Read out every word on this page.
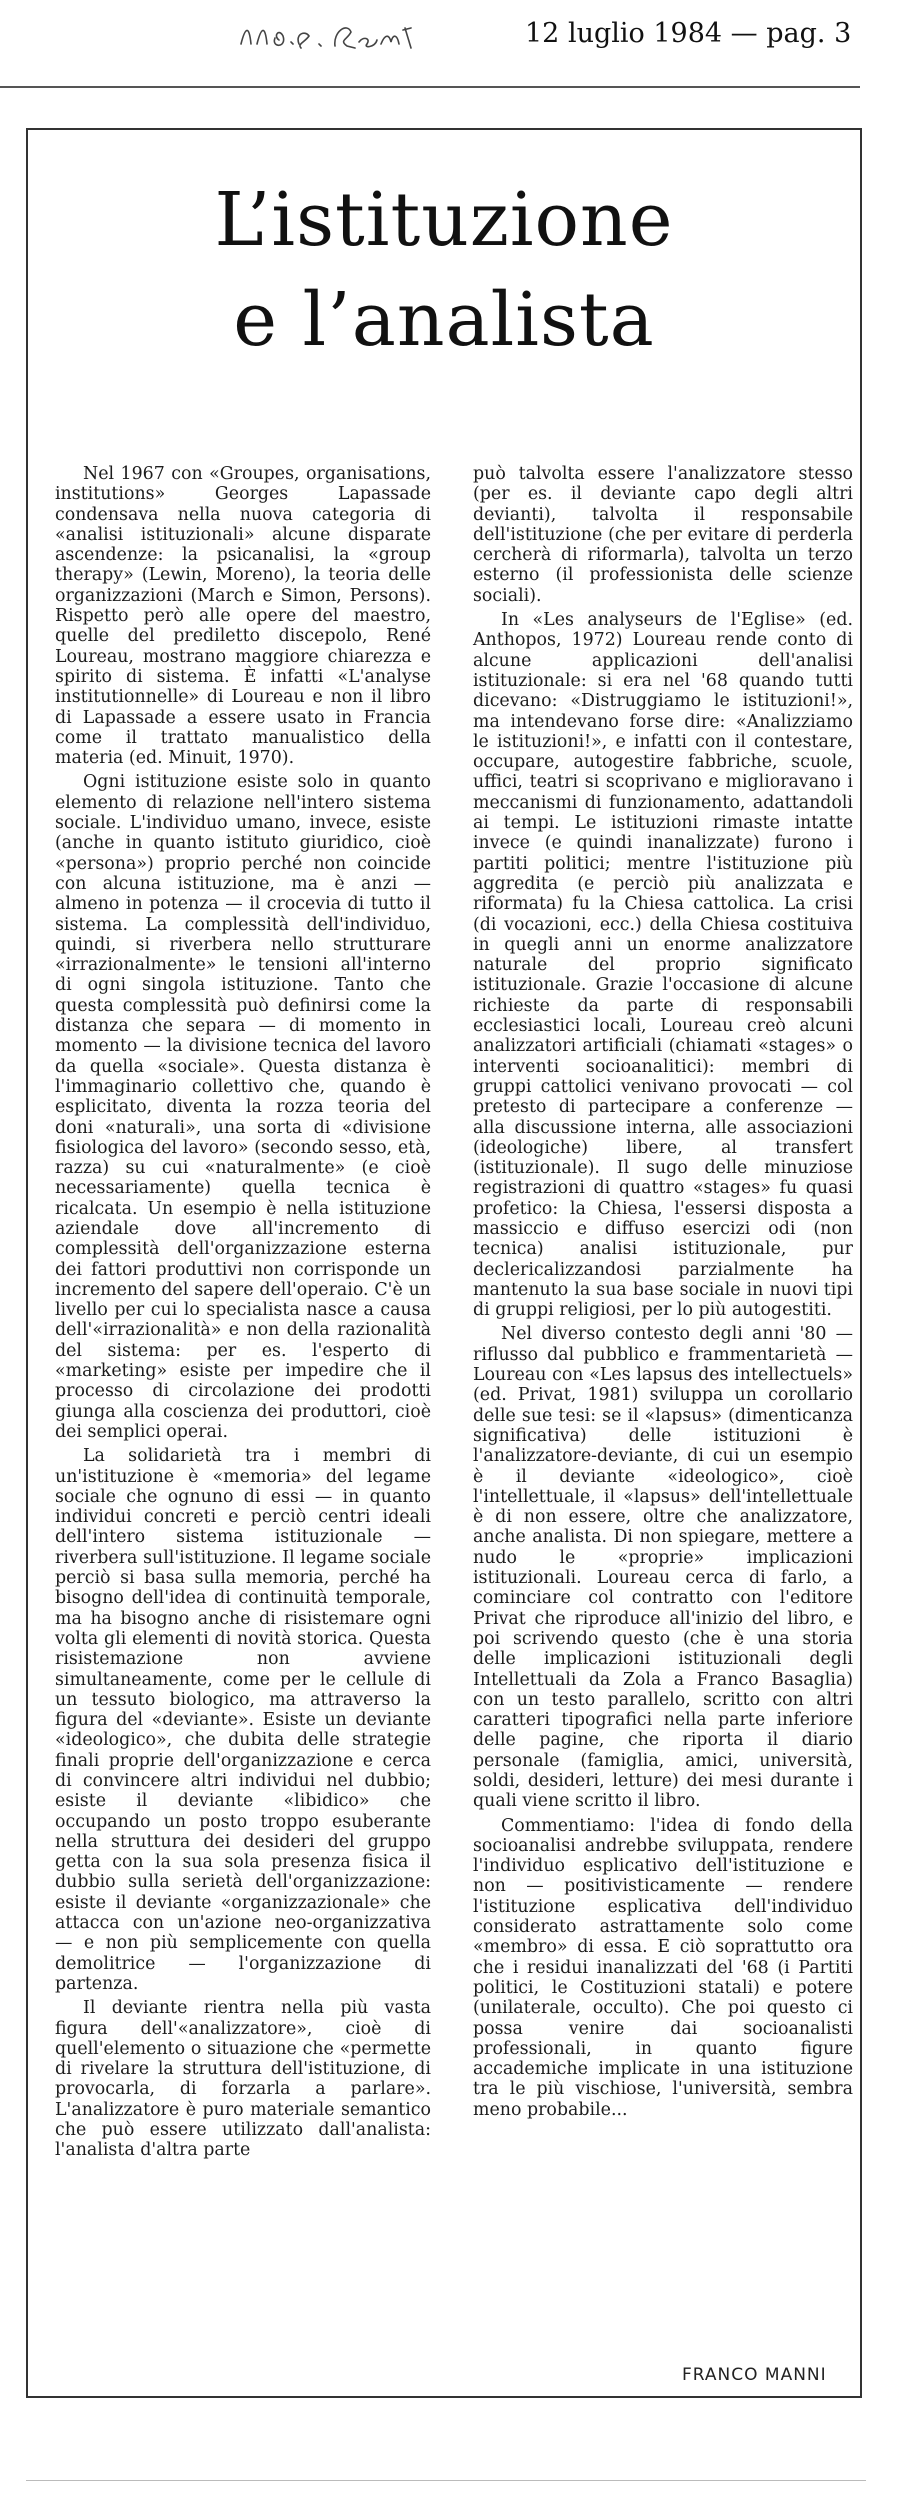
12 luglio 1984 — pag. 3
L’istituzione
e l’analista

Nel 1967 con «Groupes, organisations, institutions» Georges Lapassade condensava nella nuova categoria di «analisi istituzionali» alcune disparate ascendenze: la psicanalisi, la «group therapy» (Lewin, Moreno), la teoria delle organizzazioni (March e Simon, Persons). Rispetto però alle opere del maestro, quelle del prediletto discepolo, René Loureau, mostrano maggiore chiarezza e spirito di sistema. È infatti «L'analyse institutionnelle» di Loureau e non il libro di Lapassade a essere usato in Francia come il trattato manualistico della materia (ed. Minuit, 1970).

Ogni istituzione esiste solo in quanto elemento di relazione nell'intero sistema sociale. L'individuo umano, invece, esiste (anche in quanto istituto giuridico, cioè «persona») proprio perché non coincide con alcuna istituzione, ma è anzi — almeno in potenza — il crocevia di tutto il sistema. La complessità dell'individuo, quindi, si riverbera nello strutturare «irrazionalmente» le tensioni all'interno di ogni singola istituzione. Tanto che questa complessità può definirsi come la distanza che separa — di momento in momento — la divisione tecnica del lavoro da quella «sociale». Questa distanza è l'immaginario collettivo che, quando è esplicitato, diventa la rozza teoria del doni «naturali», una sorta di «divisione fisiologica del lavoro» (secondo sesso, età, razza) su cui «naturalmente» (e cioè necessariamente) quella tecnica è ricalcata. Un esempio è nella istituzione aziendale dove all'incremento di complessità dell'organizzazione esterna dei fattori produttivi non corrisponde un incremento del sapere dell'operaio. C'è un livello per cui lo specialista nasce a causa dell'«irrazionalità» e non della razionalità del sistema: per es. l'esperto di «marketing» esiste per impedire che il processo di circolazione dei prodotti giunga alla coscienza dei produttori, cioè dei semplici operai.

La solidarietà tra i membri di un'istituzione è «memoria» del legame sociale che ognuno di essi — in quanto individui concreti e perciò centri ideali dell'intero sistema istituzionale — riverbera sull'istituzione. Il legame sociale perciò si basa sulla memoria, perché ha bisogno dell'idea di continuità temporale, ma ha bisogno anche di risistemare ogni volta gli elementi di novità storica. Questa risistemazione non avviene simultaneamente, come per le cellule di un tessuto biologico, ma attraverso la figura del «deviante». Esiste un deviante «ideologico», che dubita delle strategie finali proprie dell'organizzazione e cerca di convincere altri individui nel dubbio; esiste il deviante «libidico» che occupando un posto troppo esuberante nella struttura dei desideri del gruppo getta con la sua sola presenza fisica il dubbio sulla serietà dell'organizzazione: esiste il deviante «organizzazionale» che attacca con un'azione neo-organizzativa — e non più semplicemente con quella demolitrice — l'organizzazione di partenza.

Il deviante rientra nella più vasta figura dell'«analizzatore», cioè di quell'elemento o situazione che «permette di rivelare la struttura dell'istituzione, di provocarla, di forzarla a parlare». L'analizzatore è puro materiale semantico che può essere utilizzato dall'analista: l'analista d'altra parte

può talvolta essere l'analizzatore stesso (per es. il deviante capo degli altri devianti), talvolta il responsabile dell'istituzione (che per evitare di perderla cercherà di riformarla), talvolta un terzo esterno (il professionista delle scienze sociali).

In «Les analyseurs de l'Eglise» (ed. Anthopos, 1972) Loureau rende conto di alcune applicazioni dell'analisi istituzionale: si era nel '68 quando tutti dicevano: «Distruggiamo le istituzioni!», ma intendevano forse dire: «Analizziamo le istituzioni!», e infatti con il contestare, occupare, autogestire fabbriche, scuole, uffici, teatri si scoprivano e miglioravano i meccanismi di funzionamento, adattandoli ai tempi. Le istituzioni rimaste intatte invece (e quindi inanalizzate) furono i partiti politici; mentre l'istituzione più aggredita (e perciò più analizzata e riformata) fu la Chiesa cattolica. La crisi (di vocazioni, ecc.) della Chiesa costituiva in quegli anni un enorme analizzatore naturale del proprio significato istituzionale. Grazie l'occasione di alcune richieste da parte di responsabili ecclesiastici locali, Loureau creò alcuni analizzatori artificiali (chiamati «stages» o interventi socioanalitici): membri di gruppi cattolici venivano provocati — col pretesto di partecipare a conferenze — alla discussione interna, alle associazioni (ideologiche) libere, al transfert (istituzionale). Il sugo delle minuziose registrazioni di quattro «stages» fu quasi profetico: la Chiesa, l'essersi disposta a massiccio e diffuso esercizi odi (non tecnica) analisi istituzionale, pur declericalizzandosi parzialmente ha mantenuto la sua base sociale in nuovi tipi di gruppi religiosi, per lo più autogestiti.

Nel diverso contesto degli anni '80 — riflusso dal pubblico e frammentarietà — Loureau con «Les lapsus des intellectuels» (ed. Privat, 1981) sviluppa un corollario delle sue tesi: se il «lapsus» (dimenticanza significativa) delle istituzioni è l'analizzatore-deviante, di cui un esempio è il deviante «ideologico», cioè l'intellettuale, il «lapsus» dell'intellettuale è di non essere, oltre che analizzatore, anche analista. Di non spiegare, mettere a nudo le «proprie» implicazioni istituzionali. Loureau cerca di farlo, a cominciare col contratto con l'editore Privat che riproduce all'inizio del libro, e poi scrivendo questo (che è una storia delle implicazioni istituzionali degli Intellettuali da Zola a Franco Basaglia) con un testo parallelo, scritto con altri caratteri tipografici nella parte inferiore delle pagine, che riporta il diario personale (famiglia, amici, università, soldi, desideri, letture) dei mesi durante i quali viene scritto il libro.

Commentiamo: l'idea di fondo della socioanalisi andrebbe sviluppata, rendere l'individuo esplicativo dell'istituzione e non — positivisticamente — rendere l'istituzione esplicativa dell'individuo considerato astrattamente solo come «membro» di essa. E ciò soprattutto ora che i residui inanalizzati del '68 (i Partiti politici, le Costituzioni statali) e potere (unilaterale, occulto). Che poi questo ci possa venire dai socioanalisti professionali, in quanto figure accademiche implicate in una istituzione tra le più vischiose, l'università, sembra meno probabile...

FRANCO MANNI
